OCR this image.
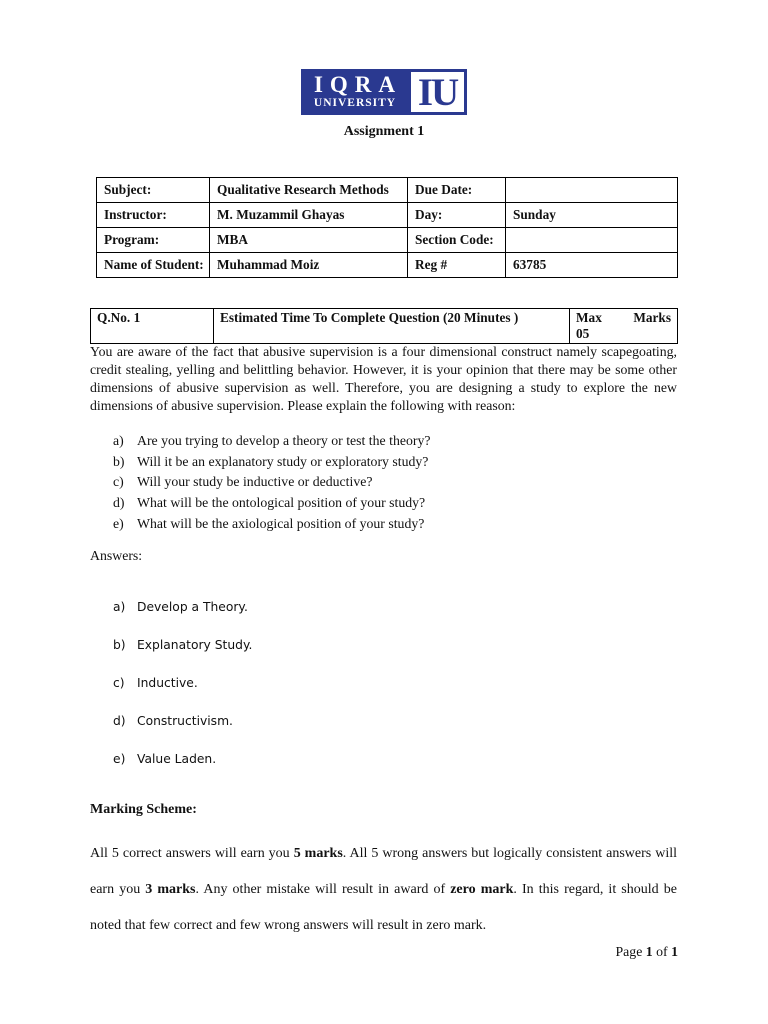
IQRA
UNIVERSITY IU
Assignment 1
Subject:	Qualitative Research Methods	Due Date:	
Instructor:	M. Muzammil Ghayas	Day:	Sunday
Program:	MBA	Section Code:	
Name of Student:	Muhammad Moiz	Reg #	63785
Q.No. 1	Estimated Time To Complete Question (20 Minutes )	Max Marks
05
You are aware of the fact that abusive supervision is a four dimensional construct namely scapegoating, credit stealing, yelling and belittling behavior. However, it is your opinion that there may be some other dimensions of abusive supervision as well. Therefore, you are designing a study to explore the new dimensions of abusive supervision. Please explain the following with reason:
a) Are you trying to develop a theory or test the theory?
b) Will it be an explanatory study or exploratory study?
c) Will your study be inductive or deductive?
d) What will be the ontological position of your study?
e) What will be the axiological position of your study?
Answers:
a) Develop a Theory.
b) Explanatory Study.
c)	Inductive.
d) Constructivism.
e) Value Laden.
Marking Scheme:
All 5 correct answers will earn you 5 marks. All 5 wrong answers but logically consistent answers will earn you 3 marks. Any other mistake will result in award of zero mark. In this regard, it should be noted that few correct and few wrong answers will result in zero mark.
Page 1 of 1
